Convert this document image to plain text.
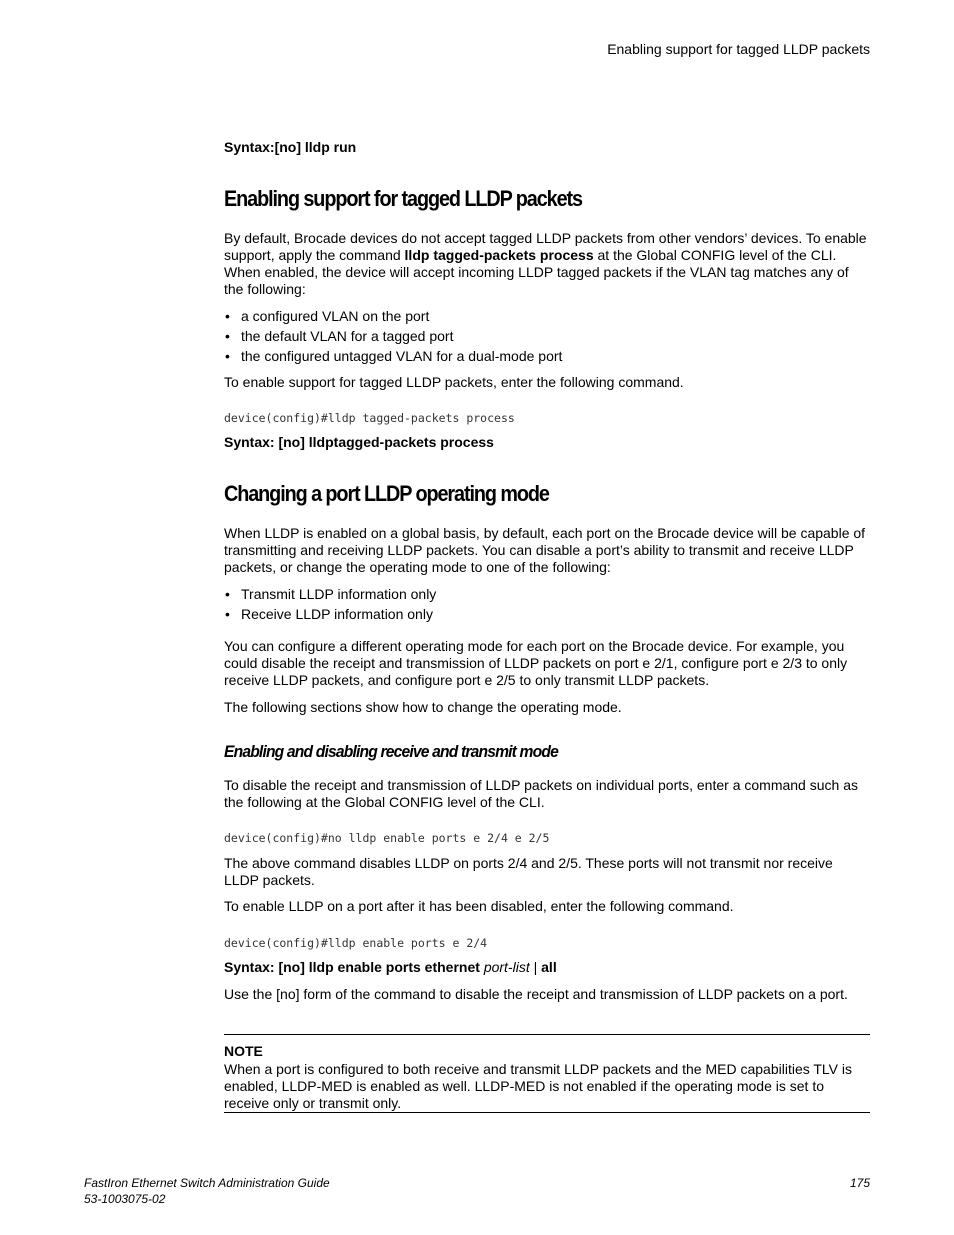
Enabling support for tagged LLDP packets
Syntax:[no] lldp run
Enabling support for tagged LLDP packets

By default, Brocade devices do not accept tagged LLDP packets from other vendors’ devices. To enable support, apply the command lldp tagged-packets process at the Global CONFIG level of the CLI. When enabled, the device will accept incoming LLDP tagged packets if the VLAN tag matches any of the following:

• a configured VLAN on the port
• the default VLAN for a tagged port
• the configured untagged VLAN for a dual-mode port

To enable support for tagged LLDP packets, enter the following command.

device(config)#lldp tagged-packets process
Syntax: [no] lldptagged-packets process
Changing a port LLDP operating mode

When LLDP is enabled on a global basis, by default, each port on the Brocade device will be capable of transmitting and receiving LLDP packets. You can disable a port’s ability to transmit and receive LLDP packets, or change the operating mode to one of the following:

• Transmit LLDP information only
• Receive LLDP information only

You can configure a different operating mode for each port on the Brocade device. For example, you could disable the receipt and transmission of LLDP packets on port e 2/1, configure port e 2/3 to only receive LLDP packets, and configure port e 2/5 to only transmit LLDP packets.

The following sections show how to change the operating mode.

Enabling and disabling receive and transmit mode

To disable the receipt and transmission of LLDP packets on individual ports, enter a command such as the following at the Global CONFIG level of the CLI.

device(config)#no lldp enable ports e 2/4 e 2/5

The above command disables LLDP on ports 2/4 and 2/5. These ports will not transmit nor receive LLDP packets.

To enable LLDP on a port after it has been disabled, enter the following command.

device(config)#lldp enable ports e 2/4
Syntax: [no] lldp enable ports ethernet port-list | all

Use the [no] form of the command to disable the receipt and transmission of LLDP packets on a port.

NOTE

When a port is configured to both receive and transmit LLDP packets and the MED capabilities TLV is enabled, LLDP-MED is enabled as well. LLDP-MED is not enabled if the operating mode is set to receive only or transmit only.

FastIron Ethernet Switch Administration Guide
53-1003075-02
175
